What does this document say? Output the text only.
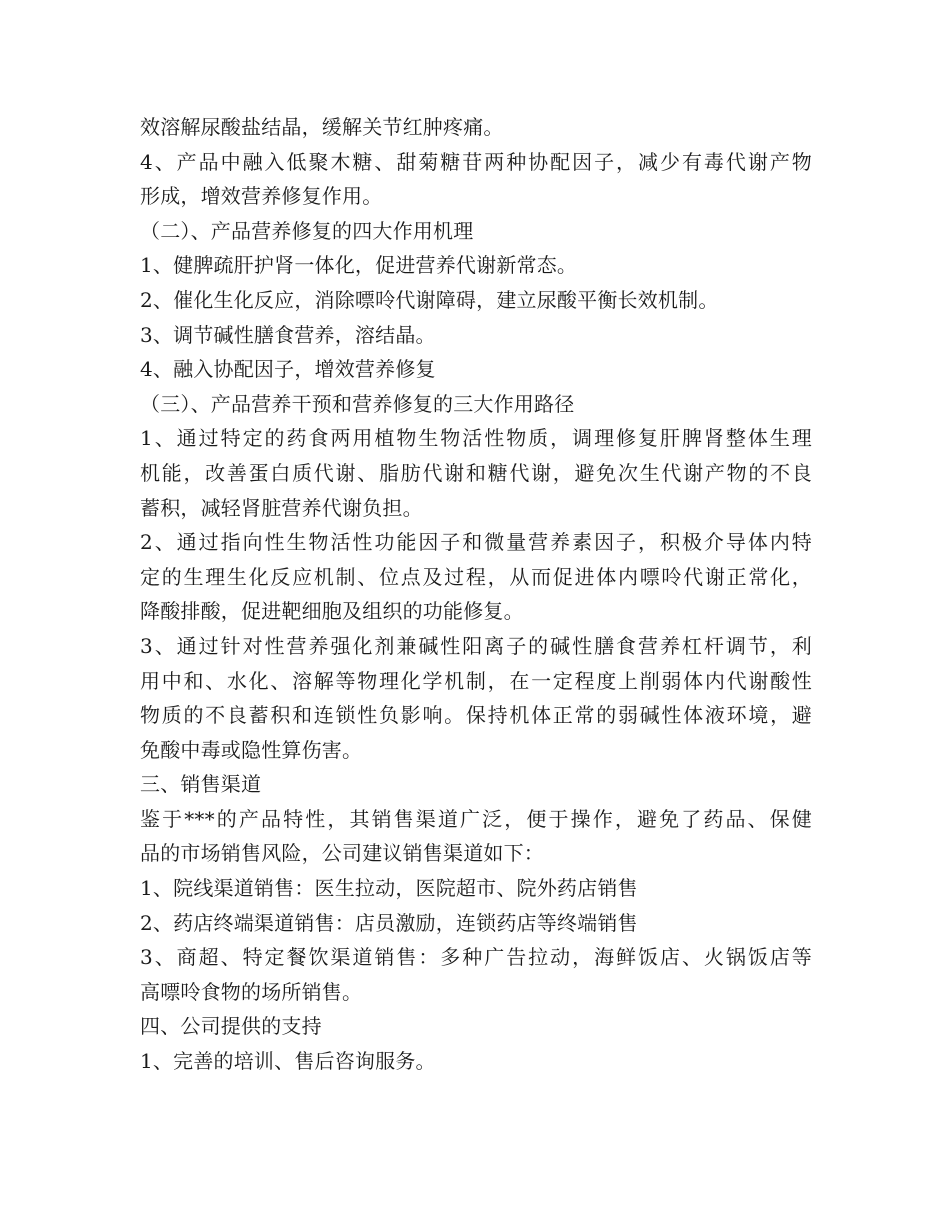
效溶解尿酸盐结晶，缓解关节红肿疼痛。
4、产品中融入低聚木糖、甜菊糖苷两种协配因子，减少有毒代谢产物
形成，增效营养修复作用。
（二）、产品营养修复的四大作用机理
1、健脾疏肝护肾一体化，促进营养代谢新常态。
2、催化生化反应，消除嘌呤代谢障碍，建立尿酸平衡长效机制。
3、调节碱性膳食营养，溶结晶。
4、融入协配因子，增效营养修复
（三）、产品营养干预和营养修复的三大作用路径
1、通过特定的药食两用植物生物活性物质，调理修复肝脾肾整体生理
机能，改善蛋白质代谢、脂肪代谢和糖代谢，避免次生代谢产物的不良
蓄积，减轻肾脏营养代谢负担。
2、通过指向性生物活性功能因子和微量营养素因子，积极介导体内特
定的生理生化反应机制、位点及过程，从而促进体内嘌呤代谢正常化，
降酸排酸，促进靶细胞及组织的功能修复。
3、通过针对性营养强化剂兼碱性阳离子的碱性膳食营养杠杆调节，利
用中和、水化、溶解等物理化学机制，在一定程度上削弱体内代谢酸性
物质的不良蓄积和连锁性负影响。保持机体正常的弱碱性体液环境，避
免酸中毒或隐性算伤害。
三、销售渠道
鉴于***的产品特性，其销售渠道广泛，便于操作，避免了药品、保健
品的市场销售风险，公司建议销售渠道如下：
1、院线渠道销售：医生拉动，医院超市、院外药店销售
2、药店终端渠道销售：店员激励，连锁药店等终端销售
3、商超、特定餐饮渠道销售：多种广告拉动，海鲜饭店、火锅饭店等
高嘌呤食物的场所销售。
四、公司提供的支持
1、完善的培训、售后咨询服务。
